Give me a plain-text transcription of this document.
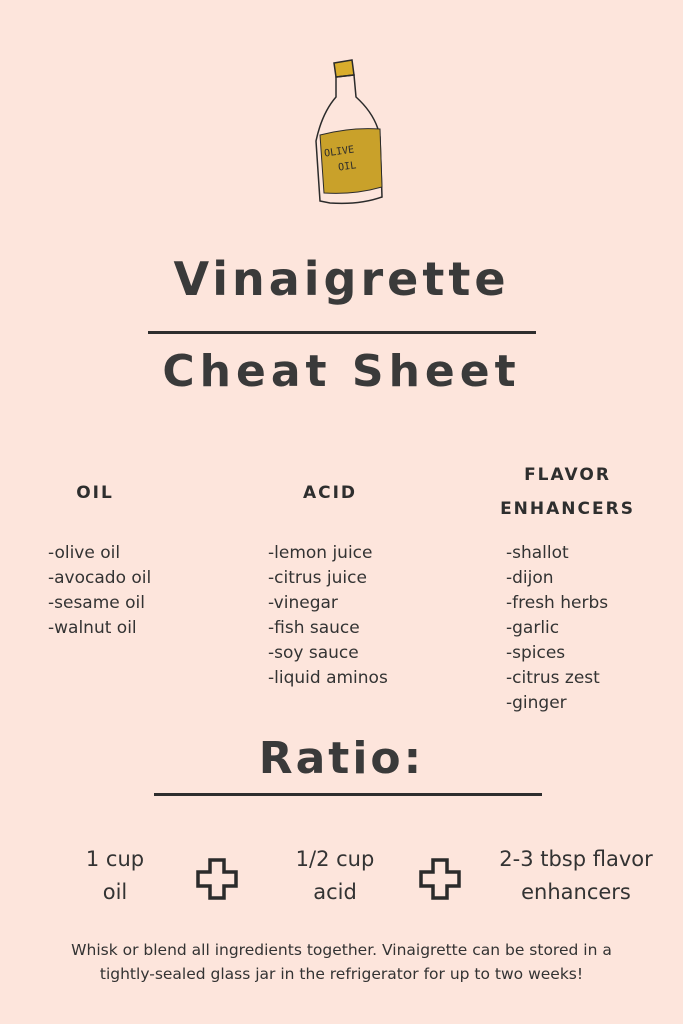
OLIVE
OIL
Vinaigrette
Cheat Sheet
OIL	ACID
FLAVOR
ENHANCERS
-olive oil
-avocado oil
-sesame oil
-walnut oil
-lemon juice
-citrus juice
-vinegar
-fish sauce
-soy sauce
-liquid aminos
-shallot
-dijon
-fresh herbs
-garlic
-spices
-citrus zest
-ginger
Ratio:
1 cup
oil
1/2 cup
acid
2-3 tbsp flavor
enhancers
Whisk or blend all ingredients together. Vinaigrette can be stored in a tightly-sealed glass jar in the refrigerator for up to two weeks!
